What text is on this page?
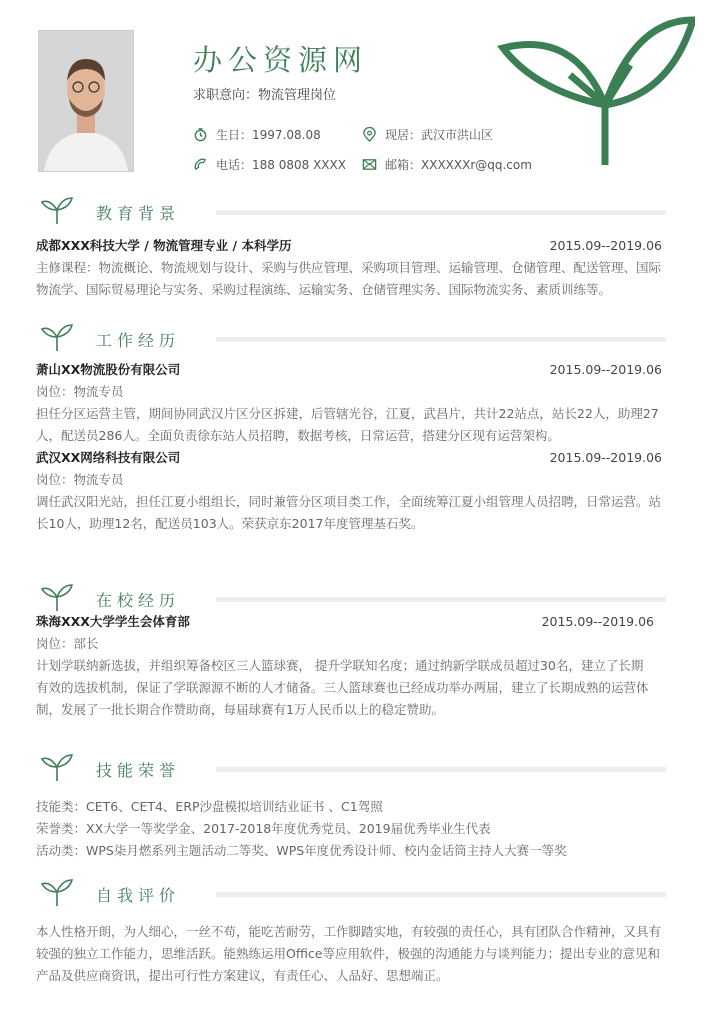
办公资源网
求职意向：物流管理岗位
生日：1997.08.08	现居：武汉市洪山区
电话：188 0808 XXXX	邮箱：XXXXXXr@qq.com
教育背景
成都XXX科技大学 / 物流管理专业 / 本科学历	2015.09--2019.06

主修课程：物流概论、物流规划与设计、采购与供应管理、采购项目管理、运输管理、仓储管理、配送管理、国际物流学、国际贸易理论与实务、采购过程演练、运输实务、仓储管理实务、国际物流实务、素质训练等。

工作经历
萧山XX物流股份有限公司	2015.09--2019.06

岗位：物流专员

担任分区运营主管，期间协同武汉片区分区拆建，后管辖光谷，江夏，武昌片，共计22站点，站长22人，助理27人，配送员286人。全面负责徐东站人员招聘，数据考核，日常运营，搭建分区现有运营架构。

武汉XX网络科技有限公司	2015.09--2019.06

岗位：物流专员

调任武汉阳光站，担任江夏小组组长，同时兼管分区项目类工作，全面统筹江夏小组管理人员招聘，日常运营。站长10人，助理12名，配送员103人。荣获京东2017年度管理基石奖。

在校经历
珠海XXX大学学生会体育部	2015.09--2019.06

岗位：部长

计划学联纳新选拔，并组织筹备校区三人篮球赛， 提升学联知名度；通过纳新学联成员超过30名，建立了长期有效的选拔机制，保证了学联源源不断的人才储备。三人篮球赛也已经成功举办两届，建立了长期成熟的运营体制，发展了一批长期合作赞助商，每届球赛有1万人民币以上的稳定赞助。

技能荣誉

技能类：CET6、CET4、ERP沙盘模拟培训结业证书 、C1驾照

荣誉类：XX大学一等奖学金、2017-2018年度优秀党员、2019届优秀毕业生代表

活动类：WPS柒月燃系列主题活动二等奖、WPS年度优秀设计师、校内金话筒主持人大赛一等奖

自我评价

本人性格开朗，为人细心，一丝不苟，能吃苦耐劳，工作脚踏实地，有较强的责任心，具有团队合作精神，又具有较强的独立工作能力，思维活跃。能熟练运用Office等应用软件，极强的沟通能力与谈判能力；提出专业的意见和产品及供应商资讯，提出可行性方案建议，有责任心、人品好、思想端正。
